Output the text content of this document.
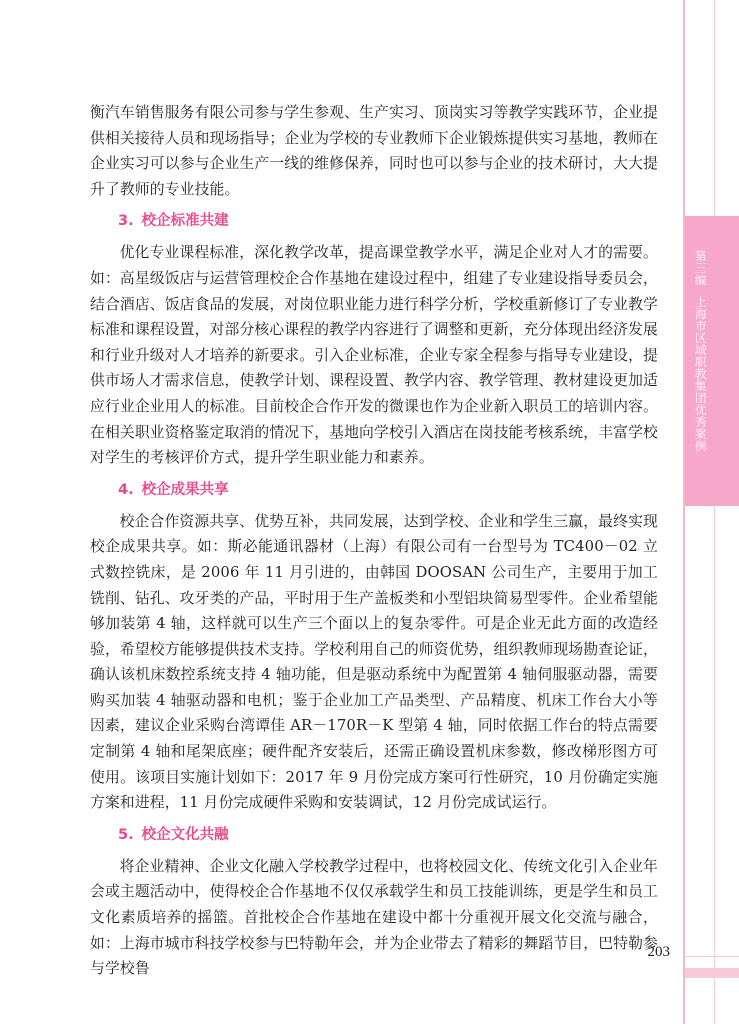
第三编
上海市区域职教集团优秀案例

衡汽车销售服务有限公司参与学生参观、生产实习、顶岗实习等教学实践环节，企业提供相关接待人员和现场指导；企业为学校的专业教师下企业锻炼提供实习基地，教师在企业实习可以参与企业生产一线的维修保养，同时也可以参与企业的技术研讨，大大提升了教师的专业技能。

3. 校企标准共建

优化专业课程标准，深化教学改革，提高课堂教学水平，满足企业对人才的需要。如：高星级饭店与运营管理校企合作基地在建设过程中，组建了专业建设指导委员会，结合酒店、饭店食品的发展，对岗位职业能力进行科学分析，学校重新修订了专业教学标准和课程设置，对部分核心课程的教学内容进行了调整和更新，充分体现出经济发展和行业升级对人才培养的新要求。引入企业标准，企业专家全程参与指导专业建设，提供市场人才需求信息，使教学计划、课程设置、教学内容、教学管理、教材建设更加适应行业企业用人的标准。目前校企合作开发的微课也作为企业新入职员工的培训内容。在相关职业资格鉴定取消的情况下，基地向学校引入酒店在岗技能考核系统，丰富学校对学生的考核评价方式，提升学生职业能力和素养。

4. 校企成果共享

校企合作资源共享、优势互补，共同发展，达到学校、企业和学生三赢，最终实现校企成果共享。如：斯必能通讯器材（上海）有限公司有一台型号为 TC400－02 立式数控铣床，是 2006 年 11 月引进的，由韩国 DOOSAN 公司生产，主要用于加工铣削、钻孔、攻牙类的产品，平时用于生产盖板类和小型铝块简易型零件。企业希望能够加装第 4 轴，这样就可以生产三个面以上的复杂零件。可是企业无此方面的改造经验，希望校方能够提供技术支持。学校利用自己的师资优势，组织教师现场勘查论证，确认该机床数控系统支持 4 轴功能，但是驱动系统中为配置第 4 轴伺服驱动器，需要购买加装 4 轴驱动器和电机；鉴于企业加工产品类型、产品精度、机床工作台大小等因素，建议企业采购台湾谭佳 AR－170R－K 型第 4 轴，同时依据工作台的特点需要定制第 4 轴和尾架底座；硬件配齐安装后，还需正确设置机床参数，修改梯形图方可使用。该项目实施计划如下：2017 年 9 月份完成方案可行性研究，10 月份确定实施方案和进程，11 月份完成硬件采购和安装调试，12 月份完成试运行。

5. 校企文化共融

将企业精神、企业文化融入学校教学过程中，也将校园文化、传统文化引入企业年会或主题活动中，使得校企合作基地不仅仅承载学生和员工技能训练，更是学生和员工文化素质培养的摇篮。首批校企合作基地在建设中都十分重视开展文化交流与融合，如：上海市城市科技学校参与巴特勒年会，并为企业带去了精彩的舞蹈节目，巴特勒参与学校鲁

203
